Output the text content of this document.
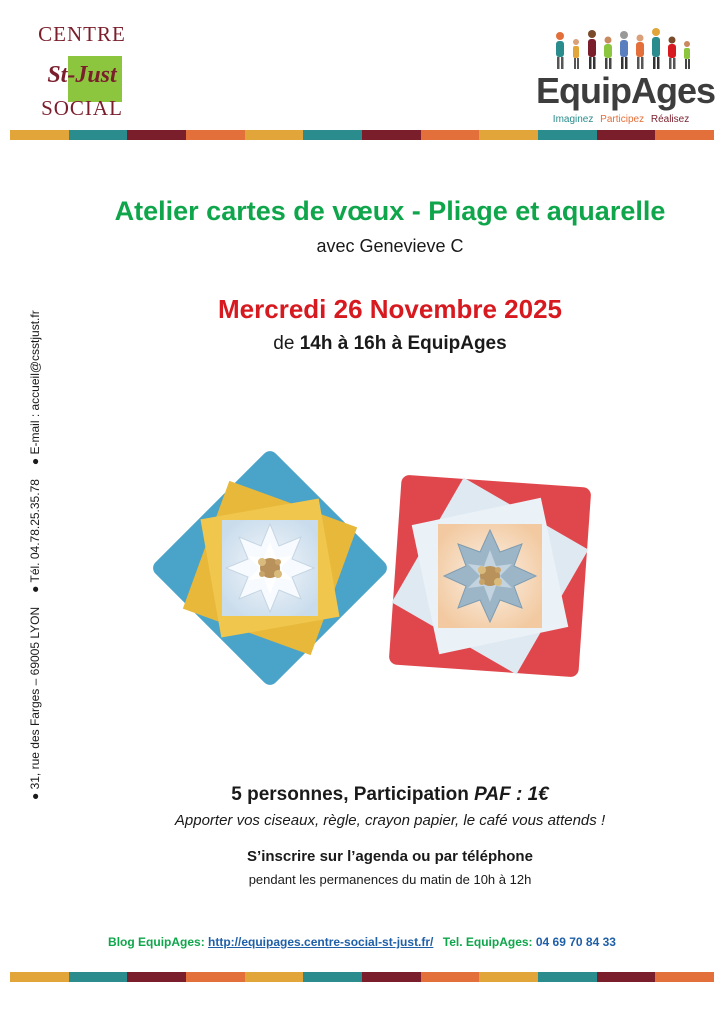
CENTRE
St-Just
SOCIAL	EquipAges
Imaginez Participez Réalisez
● 31, rue des Farges – 69005 LYON
● Tél. 04.78.25.35.78
● E-mail : accueil@csstjust.fr
Atelier cartes de vœux - Pliage et aquarelle
avec Genevieve C
Mercredi 26 Novembre 2025
de 14h à 16h à EquipAges
5 personnes, Participation PAF : 1€
Apporter vos ciseaux, règle, crayon papier, le café vous attends !
S’inscrire sur l’agenda ou par téléphone
pendant les permanences du matin de 10h à 12h
Blog EquipAges: http://equipages.centre-social-st-just.fr/ Tel. EquipAges: 04 69 70 84 33
